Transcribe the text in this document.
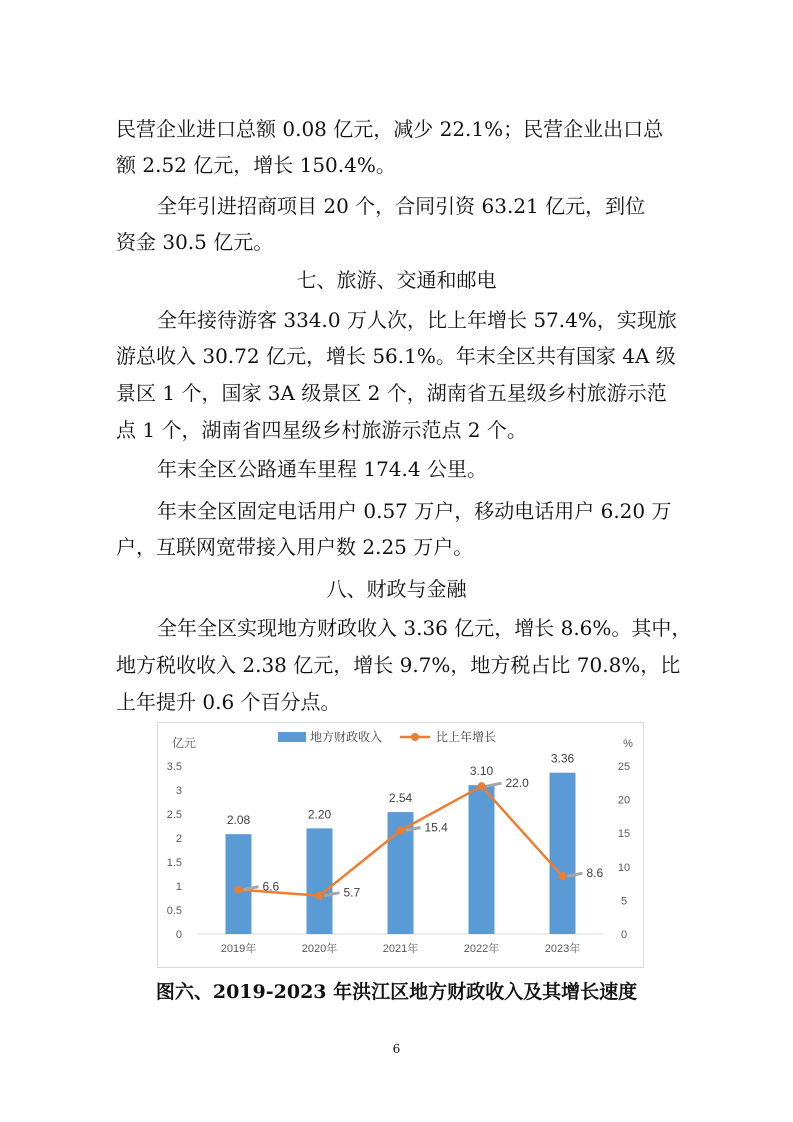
民营企业进口总额 0.08 亿元，减少 22.1%；民营企业出口总
额 2.52 亿元，增长 150.4%。
全年引进招商项目 20 个，合同引资 63.21 亿元，到位
资金 30.5 亿元。
七、旅游、交通和邮电
全年接待游客 334.0 万人次，比上年增长 57.4%，实现旅
游总收入 30.72 亿元，增长 56.1%。年末全区共有国家 4A 级
景区 1 个，国家 3A 级景区 2 个，湖南省五星级乡村旅游示范
点 1 个，湖南省四星级乡村旅游示范点 2 个。
年末全区公路通车里程 174.4 公里。
年末全区固定电话用户 0.57 万户，移动电话用户 6.20 万
户，互联网宽带接入用户数 2.25 万户。
八、财政与金融
全年全区实现地方财政收入 3.36 亿元，增长 8.6%。其中，
地方税收收入 2.38 亿元，增长 9.7%，地方税占比 70.8%，比
上年提升 0.6 个百分点。
亿元	%
0
0.5
1
1.5
2
2.5
3
3.5
0
5
10
15
20
25
2.08	2.20
2.54
3.10
3.36
2019年	2020年	2021年	2022年	2023年
6.6	5.7
15.4
22.0
8.6
地方财政收入	比上年增长
图六、2019-2023 年洪江区地方财政收入及其增长速度
6
